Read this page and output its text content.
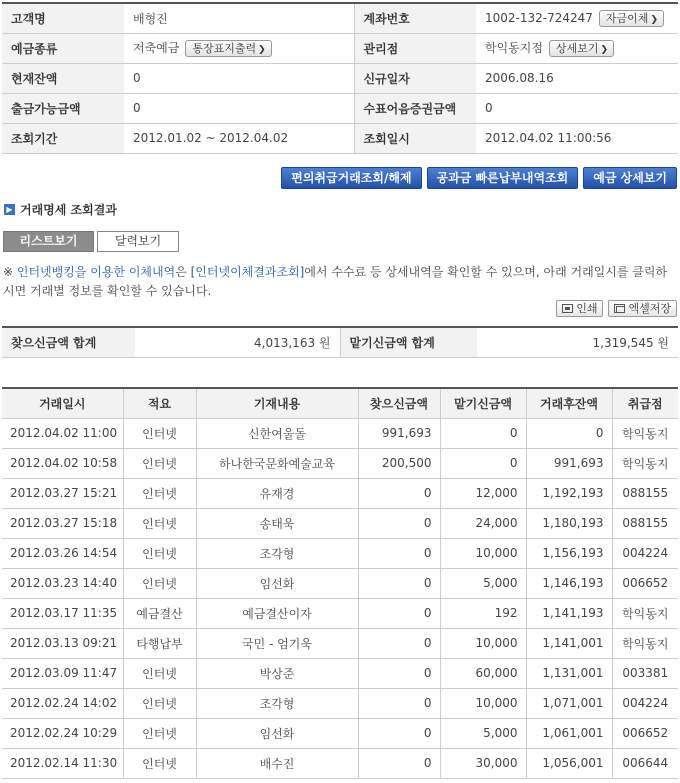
고객명	배형진	계좌번호	1002-132-724247 자금이체 ❯
예금종류	저축예금 통장표지출력 ❯	관리점	학익동지점 상세보기 ❯
현재잔액	0	신규일자	2006.08.16
출금가능금액	0	수표어음증권금액	0
조회기간	2012.01.02 ~ 2012.04.02	조회일시	2012.04.02 11:00:56
편의취급거래조회/해제	공과금 빠른납부내역조회	예금 상세보기
▶ 거래명세 조회결과
리스트보기	달력보기
※ 인터넷뱅킹을 이용한 이체내역은 [인터넷이체결과조회]에서 수수료 등 상세내역을 확인할 수 있으며, 아래 거래일시를 클릭하시면 거래별 정보를 확인할 수 있습니다.
인쇄	엑셀저장
찾으신금액 합계	4,013,163 원	맡기신금액 합계	1,319,545 원
거래일시	적요	기재내용	찾으신금액	맡기신금액	거래후잔액	취급점
2012.04.02 11:00	인터넷	신한여울돌	991,693	0	0	학익동지
2012.04.02 10:58	인터넷	하나한국문화예술교육	200,500	0	991,693	학익동지
2012.03.27 15:21	인터넷	유재경	0	12,000	1,192,193	088155
2012.03.27 15:18	인터넷	송태욱	0	24,000	1,180,193	088155
2012.03.26 14:54	인터넷	조각형	0	10,000	1,156,193	004224
2012.03.23 14:40	인터넷	임선화	0	5,000	1,146,193	006652
2012.03.17 11:35	예금결산	예금결산이자	0	192	1,141,193	학익동지
2012.03.13 09:21	타행납부	국민 - 엄기욱	0	10,000	1,141,001	학익동지
2012.03.09 11:47	인터넷	박상준	0	60,000	1,131,001	003381
2012.02.24 14:02	인터넷	조각형	0	10,000	1,071,001	004224
2012.02.24 10:29	인터넷	임선화	0	5,000	1,061,001	006652
2012.02.14 11:30	인터넷	배수진	0	30,000	1,056,001	006644
